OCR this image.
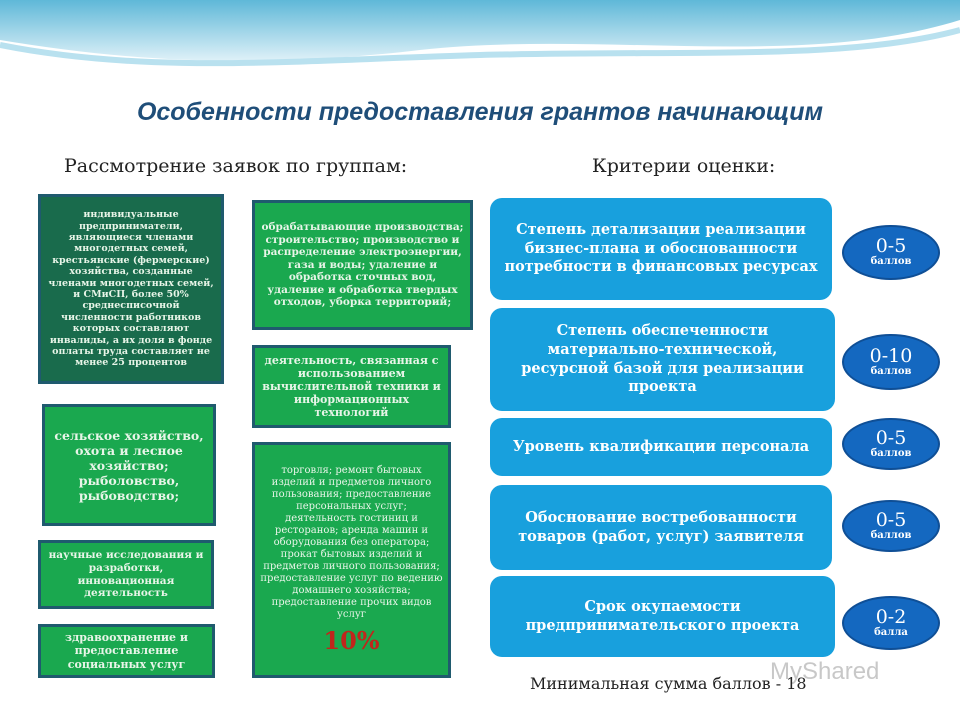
Особенности предоставления грантов начинающим
Рассмотрение заявок по группам:	Критерии оценки:
индивидуальные предприниматели, являющиеся членами многодетных семей, крестьянские (фермерские) хозяйства, созданные членами многодетных семей, и СМиСП, более 50% среднесписочной численности работников которых составляют инвалиды, а их доля в фонде оплаты труда составляет не менее 25 процентов
обрабатывающие производства; строительство; производство и распределение электроэнергии, газа и воды; удаление и обработка сточных вод, удаление и обработка твердых отходов, уборка территорий;
деятельность, связанная с использованием вычислительной техники и информационных технологий
торговля; ремонт бытовых изделий и предметов личного пользования; предоставление персональных услуг; деятельность гостиниц и ресторанов; аренда машин и оборудования без оператора; прокат бытовых изделий и предметов личного пользования; предоставление услуг по ведению домашнего хозяйства; предоставление прочих видов услуг
10%
сельское хозяйство, охота и лесное хозяйство; рыболовство, рыбоводство;
научные исследования и разработки, инновационная деятельность
здравоохранение и предоставление социальных услуг
Степень детализации реализации бизнес-плана и обоснованности потребности в финансовых ресурсах
Степень обеспеченности материально-технической, ресурсной базой для реализации проекта
Уровень квалификации персонала
Обоснование востребованности товаров (работ, услуг) заявителя
Срок окупаемости предпринимательского проекта
0-5
баллов
0-10
баллов
0-5
баллов
0-5
баллов
0-2
балла
MyShared
Минимальная сумма баллов - 18
